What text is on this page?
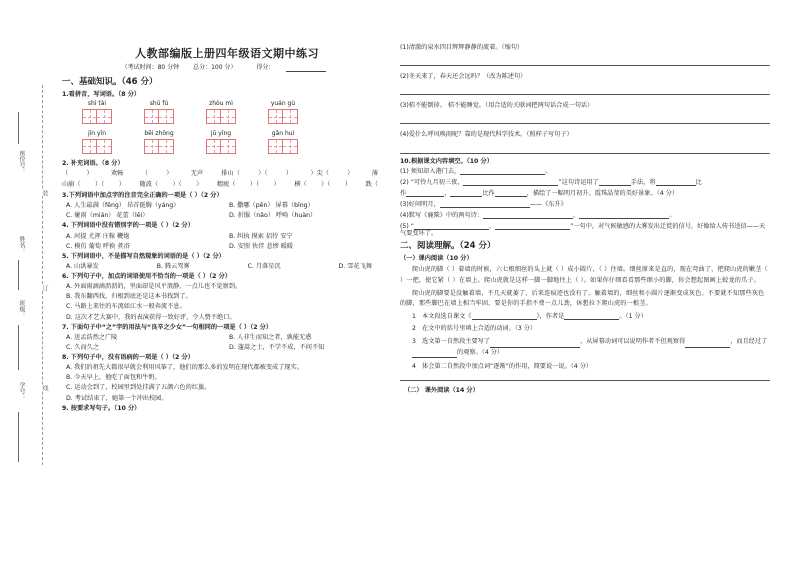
学号：
班级：
姓名：
座位号：
装
订
线
人教部编版上册四年级语文期中练习
（考试时间：80 分钟 总分：100 分）	得分：
一、基础知识。（46 分）
1.看拼音，写词语。（8 分）
shì tài	shū fú	zhòu mì	yuán gù
jīn yīn	bēi zhǒng	jū yīng	gǎn huì
2. 补充词语。（8 分）
（	）	欢畅	（	）	无声	排山（	）（	）	）尖（	）	薄
山崩（ ）（ ） 随波（ ）（ ） 精疲（ ）（ ） 横（ ）（ ） 跌（
3.下列词语中加点字的注音完全正确的一项是（ ）（2 分）
A. 人生最满（fēng） 昂首挺胸（yáng）	B. 撒哪（pēn） 屏幕（bīng）
C. 碰雨（mián） 花蕾（lěi）	D. 折服（nǎo） 呼唤（huàn）
4. 下列词语中没有错别字的一项是（ ）（2 分）
A. 河提 尤挥 庄稼 鞭炮	B. 纠执 摸索 招待 安宁
C. 模仿 葡萄 呼换 煮浴	D. 安照 伙伴 悲惨 暖暖
5. 下列词语中，不是描写自然现象的词语的是（ ）（2 分）
A. 山洪暴发	B. 腾云驾雾	C. 月落星沉	D. 雪花飞舞
6. 下列句子中，加点的词语使用不恰当的一项是（ ）（2 分）
A. 外面雨滴滴沥沥的，里面却是风平浪静，一点儿也不觉察到。
B. 我东翻西找，归根到底还是这本书找到了。
C. 马路上来往的车流如江水一般奔流不息。
D. 这次才艺大赛中，我的表演获得一致好评，令人赞不绝口。
7. 下面句子中“之”字的用法与“良辛之少女”一句相同的一项是（ ）（2 分）
A. 送孟浩然之广陵	B. 人非生而知之者，孰能无惑
C. 久而久之	D. 蓬蒿之士，不学不成，不问不知
8. 下列句子中，没有语病的一项是（ ）（2 分）
A. 我们的祖先大都很早就会利用风筝了，他们的那么多的发明在现代都被变成了现实。
B. 今天早上，他吃了面包和牛奶。
C. 运动会到了，校园里到处挂满了五颜六色的红旗。
D. 考试结束了，她第一个冲出校园。
9. 按要求写句子。（10 分）
(1)清澈的泉水四目辉辉静静的流着。（缩句）
(2)冬天来了，春天还会远吗？（改为陈述句）
(3)桔不能倒掉。 桔不能睡觉。（用合适的关联词把两句话合成一句话）
(4)爱什么呼风唤雨呢？靠的是现代科学技术。（照样子写句子）
10.根据课文内容填空。（10 分）
(1) 须知却入港门去，	。
(2) “可怜九月初三夜，	”这句诗运用了	手法，将	比
作	，	比作	，描绘了一幅明月初升、霞珠晶莹的美好景象。（4 分）
(3)好问明月，	——《东升》
(4)默写《鹿柴》中的两句诗：	，	。
(5) “	，	”一句中，对气候敏感的大雾发出迁徙的信号，好像给人传书送信——天气要变坏了。
二、阅读理解。（24 分）
（一）课内阅读（10 分）
爬山虎的脚（ ）着墙的时候，六七根细丝的头上就（ ）成小圆片，（ ）住墙。细丝原来是直的，现在弯曲了，把爬山虎的嫩茎（ ）一把，使它紧（ ）在墙上。爬山虎就是这样一脚一脚地往上（ ）。如果你仔细看看那些细小的脚，你会想起图画上蛟龙的爪子。
爬山虎的脚要是没触着墙，不几天就萎了，后来连痕迹也没有了。触着墙的，细丝和小圆片逐渐变成灰色。不要就不知那些灰色的脚，那些脚巴在墙上相当牢固，要是你的手指不费一点儿劲，休想拉下爬山虎的一根茎。
1 本文段选自课文《	》，作者是	。（1 分）
2 在文中的括号里填上合适的动词。（3 分）
3 选文第一自然段主要写了	，从屏幕动词可以说明作者不但观察得	，而且经过了的观察。（4 分）
4 体会第二自然段中加点词“逐渐”的作用，简要说一说。（4 分）
（二） 课外阅读（14 分）
